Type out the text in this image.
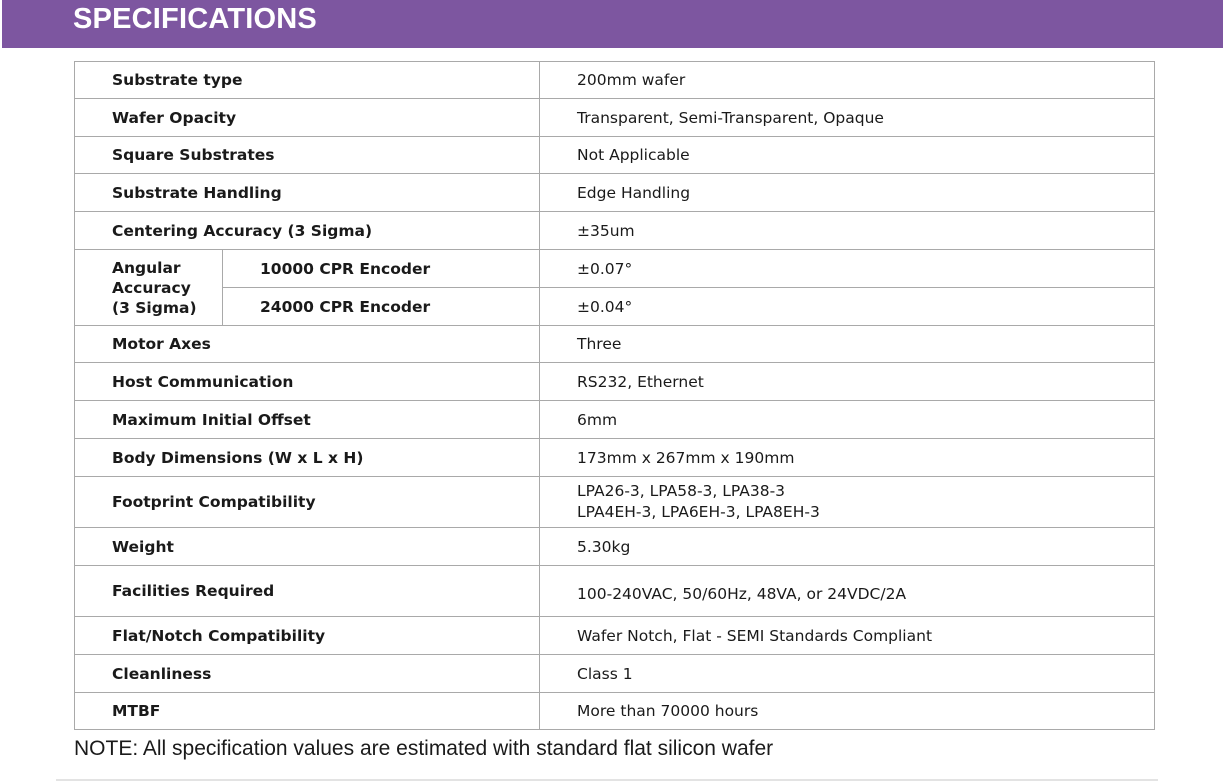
SPECIFICATIONS
Substrate type		200mm wafer
Wafer Opacity		Transparent, Semi-Transparent, Opaque
Square Substrates		Not Applicable
Substrate Handling		Edge Handling
Centering Accuracy (3 Sigma)		±35um

Angular
Accuracy
(3 Sigma)	10000 CPR Encoder	±0.07°
	24000 CPR Encoder	±0.04°
Motor Axes		Three
Host Communication		RS232, Ethernet
Maximum Initial Offset		6mm
Body Dimensions (W x L x H)		173mm x 267mm x 190mm
Footprint Compatibility		LPA26-3, LPA58-3, LPA38-3
LPA4EH-3, LPA6EH-3, LPA8EH-3

Weight		5.30kg
Facilities Required		100-240VAC, 50/60Hz, 48VA, or 24VDC/2A
Flat/Notch Compatibility		Wafer Notch, Flat - SEMI Standards Compliant
Cleanliness		Class 1
MTBF		More than 70000 hours
NOTE: All specification values are estimated with standard flat silicon wafer
